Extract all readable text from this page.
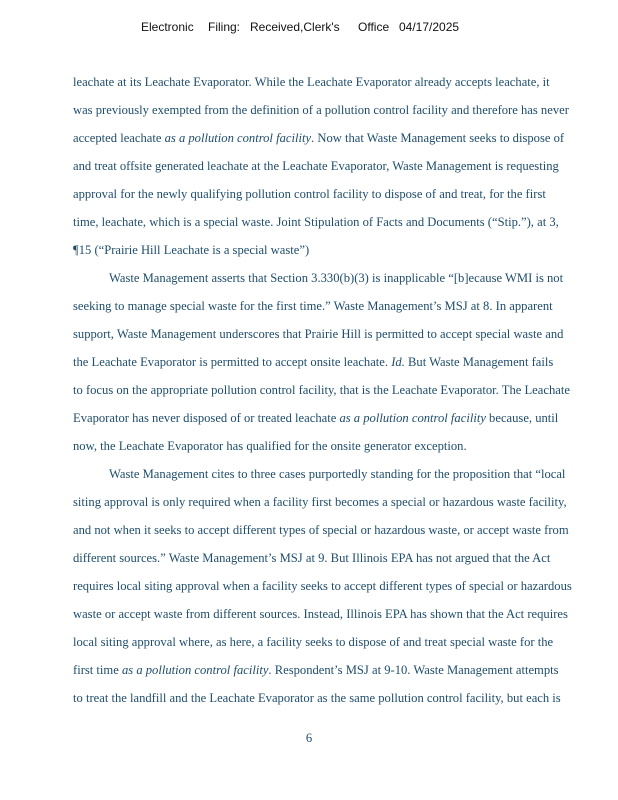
Electronic Filing: Received,Clerk's Office 04/17/2025
leachate at its Leachate Evaporator. While the Leachate Evaporator already accepts leachate, it
was previously exempted from the definition of a pollution control facility and therefore has never
accepted leachate as a pollution control facility. Now that Waste Management seeks to dispose of
and treat offsite generated leachate at the Leachate Evaporator, Waste Management is requesting
approval for the newly qualifying pollution control facility to dispose of and treat, for the first
time, leachate, which is a special waste. Joint Stipulation of Facts and Documents (“Stip.”), at 3,
¶15 (“Prairie Hill Leachate is a special waste”)
Waste Management asserts that Section 3.330(b)(3) is inapplicable “[b]ecause WMI is not
seeking to manage special waste for the first time.” Waste Management’s MSJ at 8. In apparent
support, Waste Management underscores that Prairie Hill is permitted to accept special waste and
the Leachate Evaporator is permitted to accept onsite leachate. Id. But Waste Management fails
to focus on the appropriate pollution control facility, that is the Leachate Evaporator. The Leachate
Evaporator has never disposed of or treated leachate as a pollution control facility because, until
now, the Leachate Evaporator has qualified for the onsite generator exception.
Waste Management cites to three cases purportedly standing for the proposition that “local
siting approval is only required when a facility first becomes a special or hazardous waste facility,
and not when it seeks to accept different types of special or hazardous waste, or accept waste from
different sources.” Waste Management’s MSJ at 9. But Illinois EPA has not argued that the Act
requires local siting approval when a facility seeks to accept different types of special or hazardous
waste or accept waste from different sources. Instead, Illinois EPA has shown that the Act requires
local siting approval where, as here, a facility seeks to dispose of and treat special waste for the
first time as a pollution control facility. Respondent’s MSJ at 9-10. Waste Management attempts
to treat the landfill and the Leachate Evaporator as the same pollution control facility, but each is
6
